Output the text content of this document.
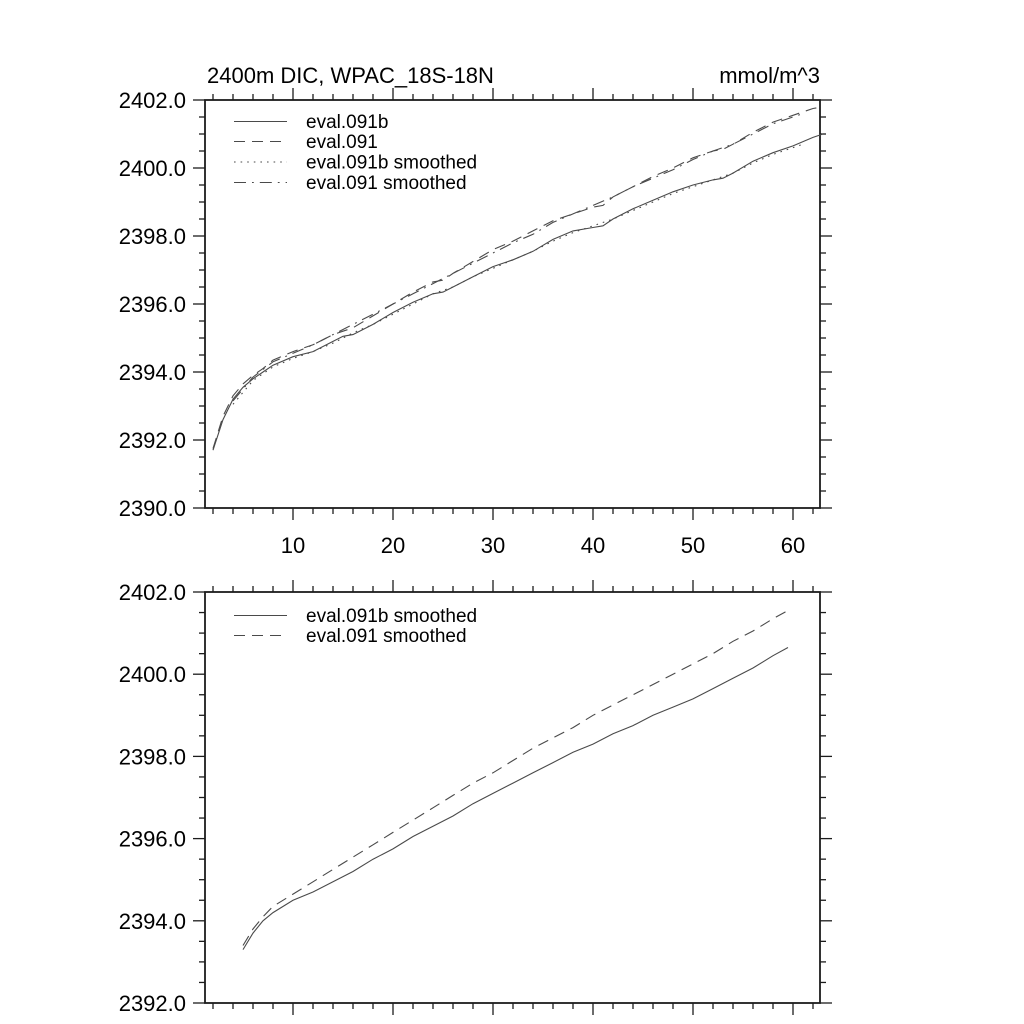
2390.0
2392.0
2394.0
2396.0
2398.0
2400.0
2402.0
10	20	30	40	50	60
2392.0
2394.0
2396.0
2398.0
2400.0
2402.0
2400m DIC, WPAC_18S-18N	mmol/m^3
eval.091b
eval.091
eval.091b smoothed
eval.091 smoothed
eval.091b smoothed
eval.091 smoothed
